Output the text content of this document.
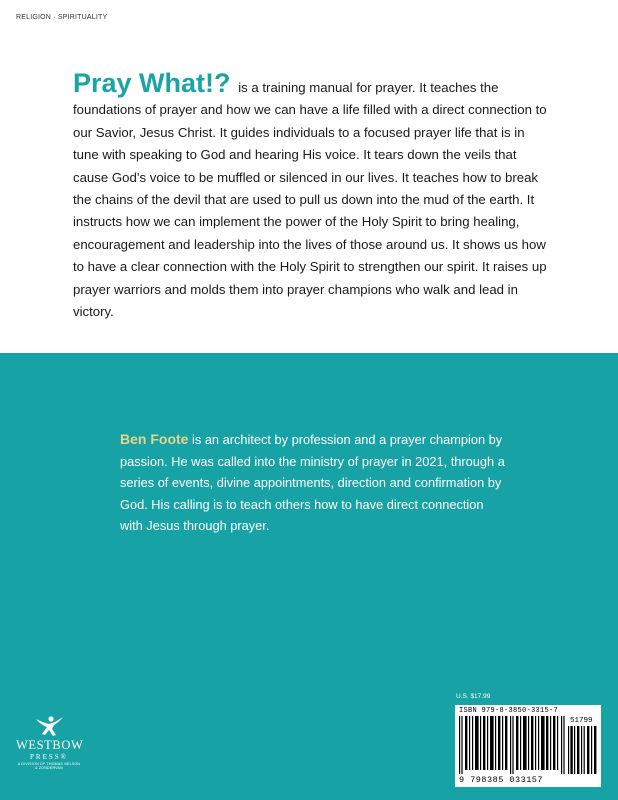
RELIGION · SPIRITUALITY
Pray What!? is a training manual for prayer. It teaches the foundations of prayer and how we can have a life filled with a direct connection to our Savior, Jesus Christ. It guides individuals to a focused prayer life that is in tune with speaking to God and hearing His voice. It tears down the veils that cause God’s voice to be muffled or silenced in our lives. It teaches how to break the chains of the devil that are used to pull us down into the mud of the earth. It instructs how we can implement the power of the Holy Spirit to bring healing, encouragement and leadership into the lives of those around us. It shows us how to have a clear connection with the Holy Spirit to strengthen our spirit. It raises up prayer warriors and molds them into prayer champions who walk and lead in victory.
Ben Foote is an architect by profession and a prayer champion by passion. He was called into the ministry of prayer in 2021, through a series of events, divine appointments, direction and confirmation by God. His calling is to teach others how to have direct connection with Jesus through prayer.
WESTBOW
PRESS®
A DIVISION OF THOMAS NELSON & ZONDERVAN
U.S. $17.99
ISBN 979-8-3850-3315-7
51799
9 798385 033157
